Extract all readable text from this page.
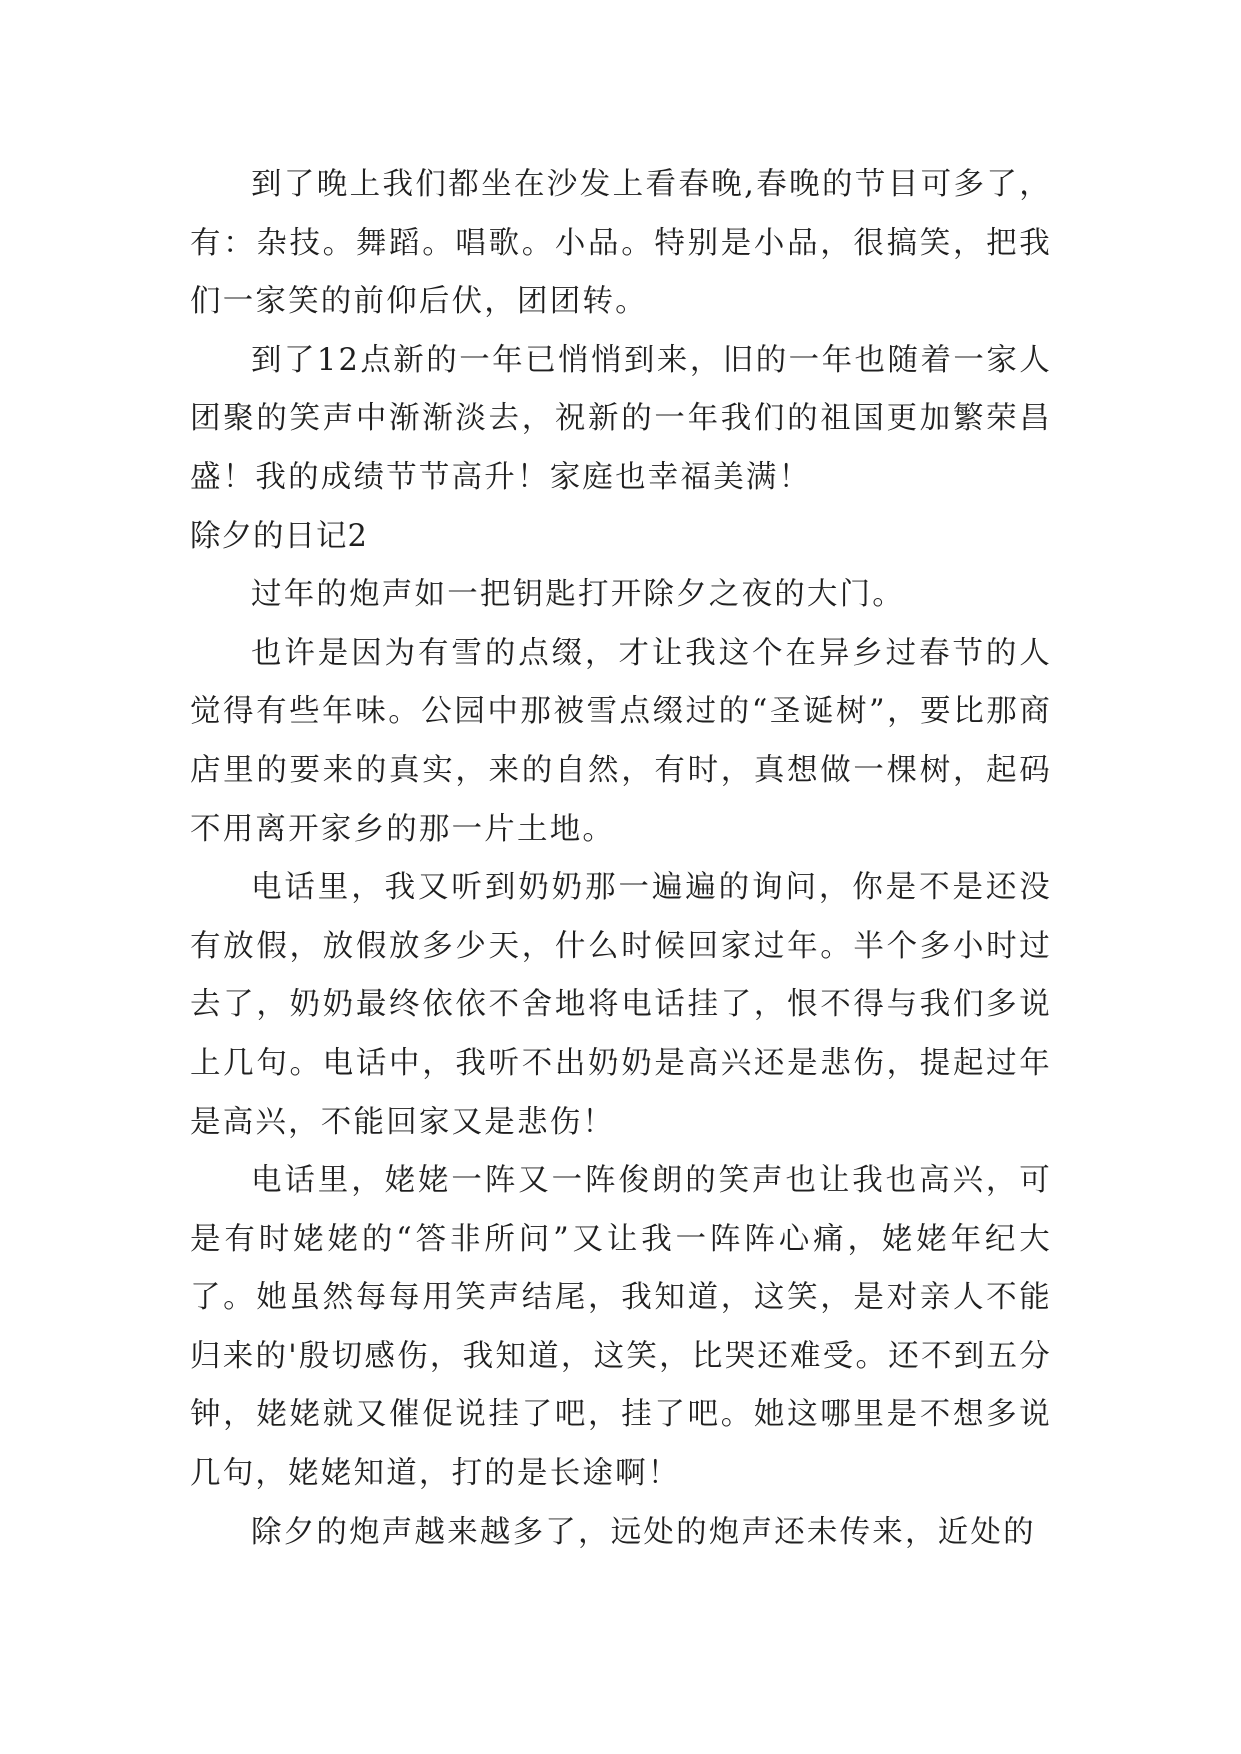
到了晚上我们都坐在沙发上看春晚,春晚的节目可多了，有：杂技。舞蹈。唱歌。小品。特别是小品，很搞笑，把我们一家笑的前仰后伏，团团转。

到了12点新的一年已悄悄到来，旧的一年也随着一家人团聚的笑声中渐渐淡去，祝新的一年我们的祖国更加繁荣昌盛！我的成绩节节高升！家庭也幸福美满！

除夕的日记2

过年的炮声如一把钥匙打开除夕之夜的大门。

也许是因为有雪的点缀，才让我这个在异乡过春节的人觉得有些年味。公园中那被雪点缀过的“圣诞树”，要比那商店里的要来的真实，来的自然，有时，真想做一棵树，起码不用离开家乡的那一片土地。

电话里，我又听到奶奶那一遍遍的询问，你是不是还没有放假，放假放多少天，什么时候回家过年。半个多小时过去了，奶奶最终依依不舍地将电话挂了，恨不得与我们多说上几句。电话中，我听不出奶奶是高兴还是悲伤，提起过年是高兴，不能回家又是悲伤！

电话里，姥姥一阵又一阵俊朗的笑声也让我也高兴，可是有时姥姥的“答非所问”又让我一阵阵心痛，姥姥年纪大了。她虽然每每用笑声结尾，我知道，这笑，是对亲人不能归来的'殷切感伤，我知道，这笑，比哭还难受。还不到五分钟，姥姥就又催促说挂了吧，挂了吧。她这哪里是不想多说几句，姥姥知道，打的是长途啊！

除夕的炮声越来越多了，远处的炮声还未传来，近处的
